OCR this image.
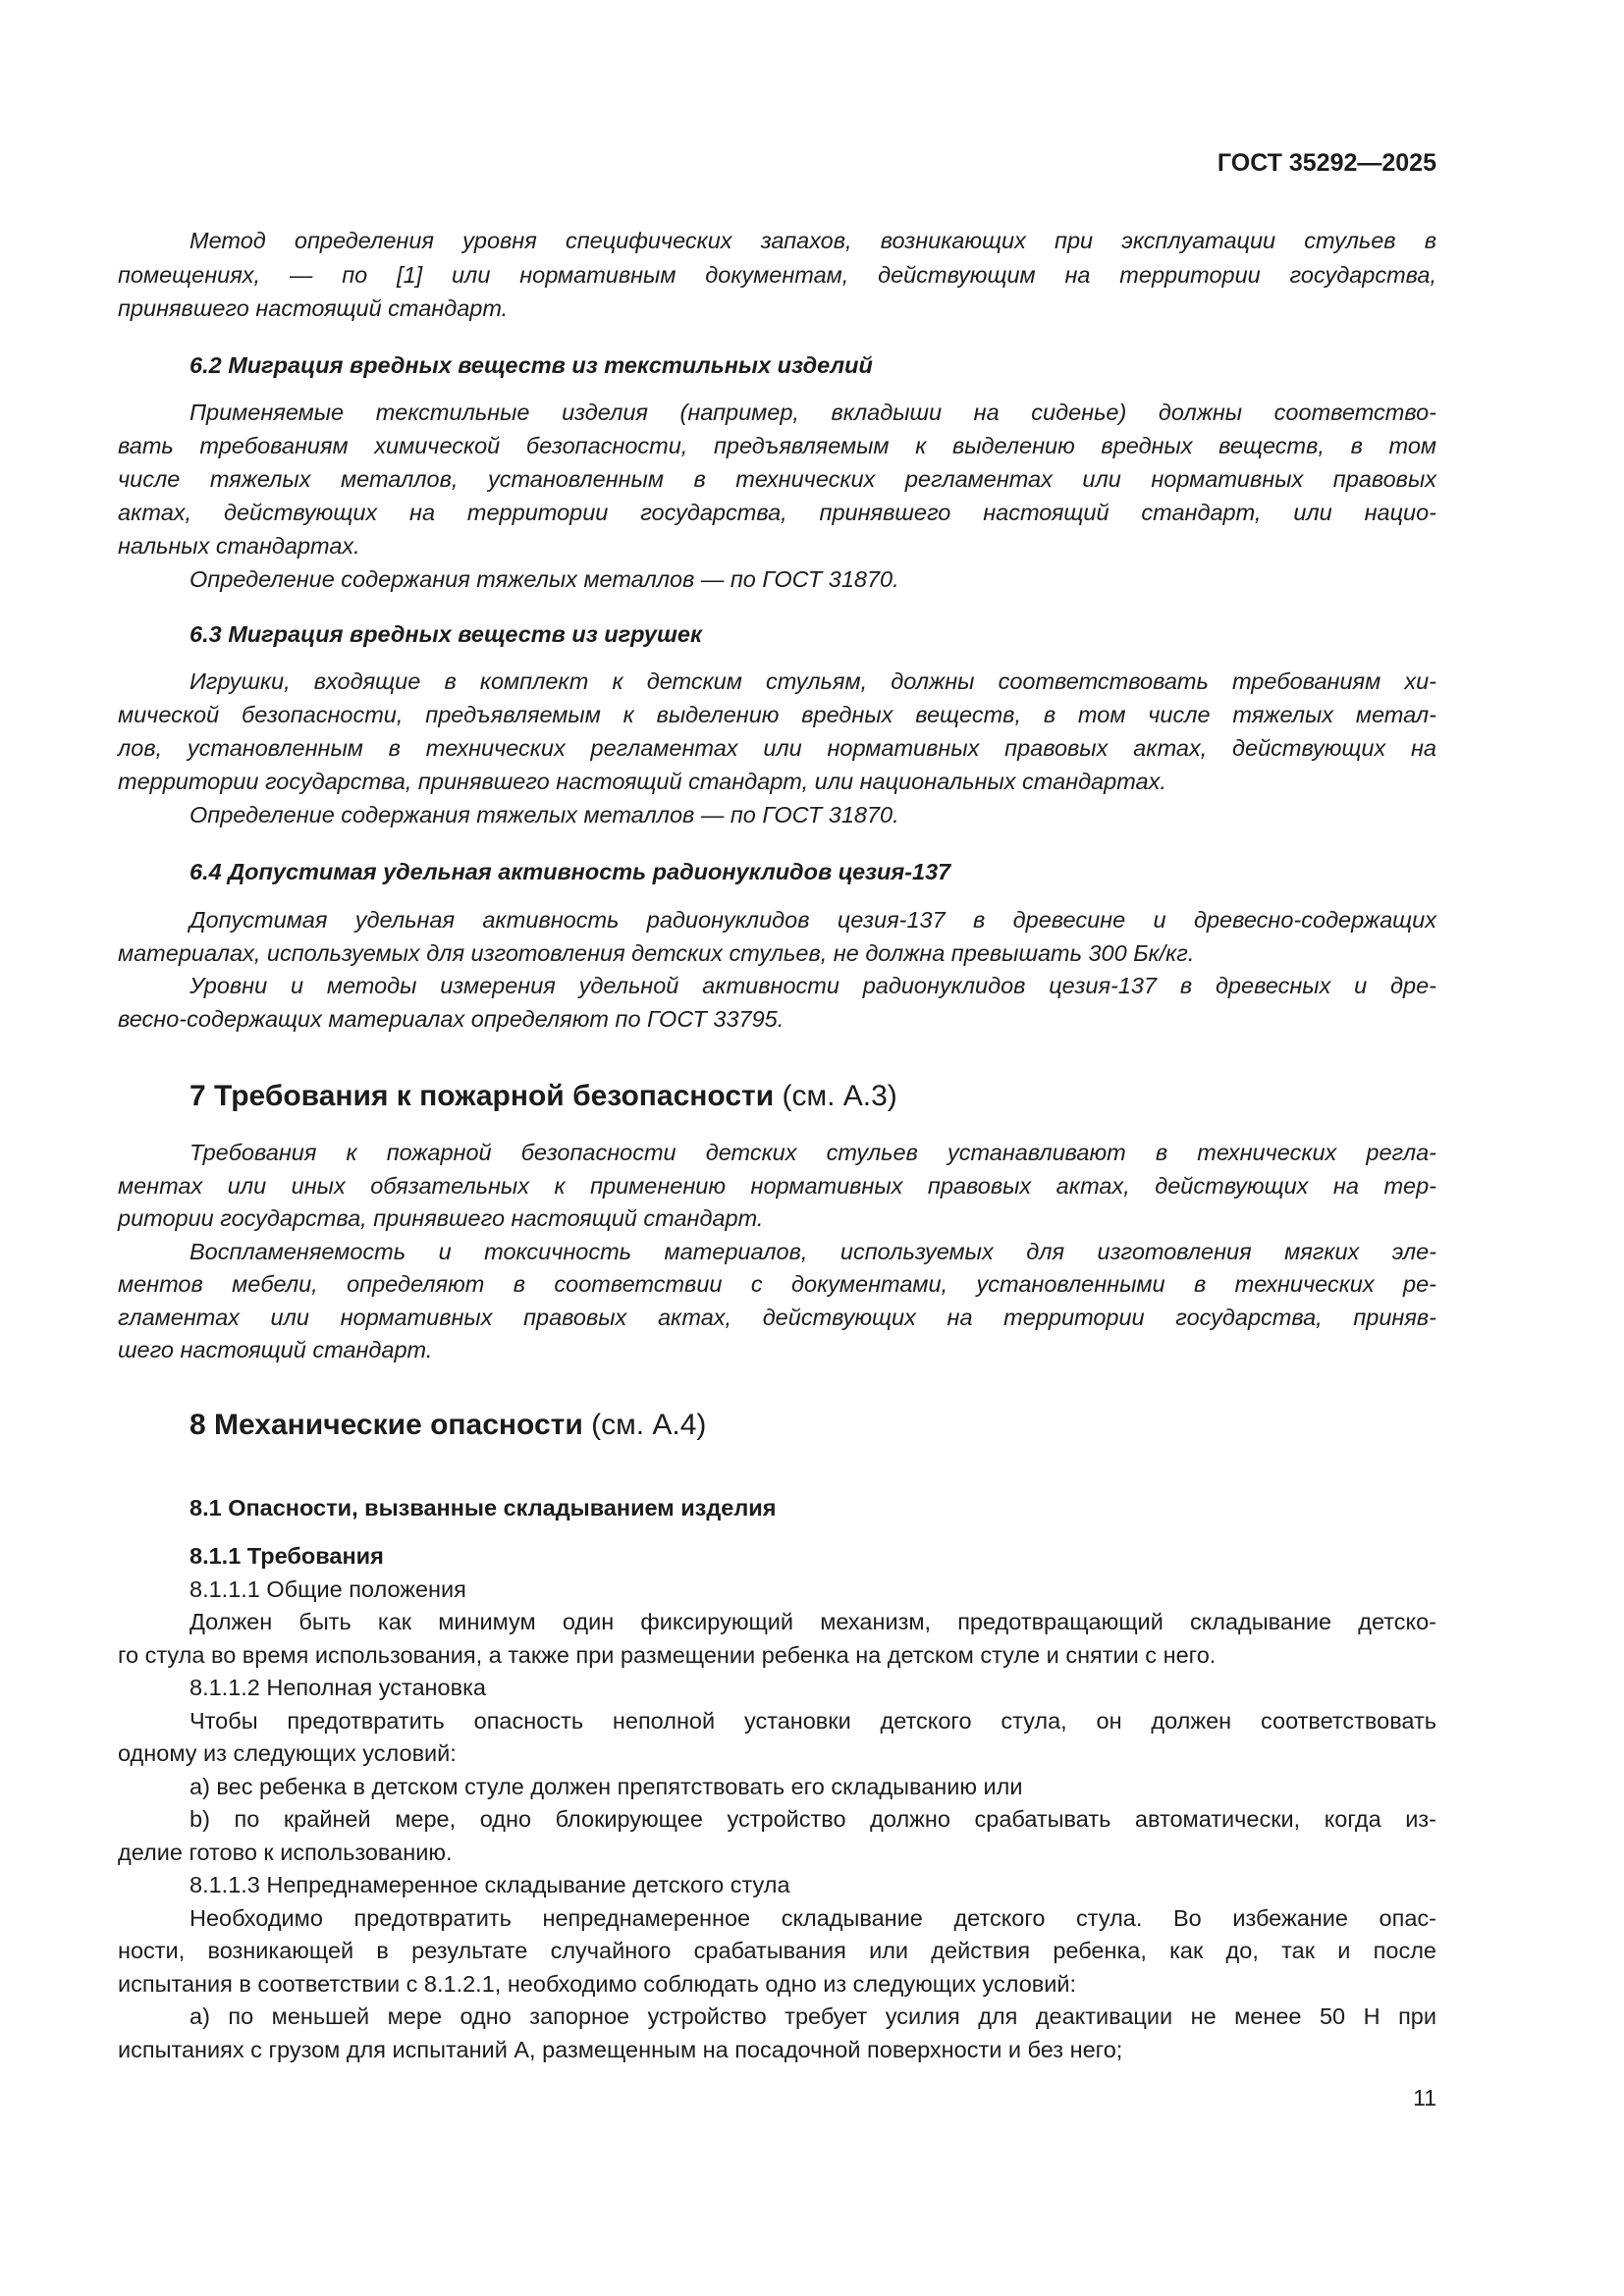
ГОСТ 35292—2025
Метод определения уровня специфических запахов, возникающих при эксплуатации стульев в
помещениях, — по [1] или нормативным документам, действующим на территории государства,
принявшего настоящий стандарт.
6.2 Миграция вредных веществ из текстильных изделий
Применяемые текстильные изделия (например, вкладыши на сиденье) должны соответство-
вать требованиям химической безопасности, предъявляемым к выделению вредных веществ, в том
числе тяжелых металлов, установленным в технических регламентах или нормативных правовых
актах, действующих на территории государства, принявшего настоящий стандарт, или нацио-
нальных стандартах.
Определение содержания тяжелых металлов — по ГОСТ 31870.
6.3 Миграция вредных веществ из игрушек
Игрушки, входящие в комплект к детским стульям, должны соответствовать требованиям хи-
мической безопасности, предъявляемым к выделению вредных веществ, в том числе тяжелых метал-
лов, установленным в технических регламентах или нормативных правовых актах, действующих на
территории государства, принявшего настоящий стандарт, или национальных стандартах.
Определение содержания тяжелых металлов — по ГОСТ 31870.
6.4 Допустимая удельная активность радионуклидов цезия-137
Допустимая удельная активность радионуклидов цезия-137 в древесине и древесно-содержащих
материалах, используемых для изготовления детских стульев, не должна превышать 300 Бк/кг.
Уровни и методы измерения удельной активности радионуклидов цезия-137 в древесных и дре-
весно-содержащих материалах определяют по ГОСТ 33795.
7 Требования к пожарной безопасности (см. А.3)
Требования к пожарной безопасности детских стульев устанавливают в технических регла-
ментах или иных обязательных к применению нормативных правовых актах, действующих на тер-
ритории государства, принявшего настоящий стандарт.
Воспламеняемость и токсичность материалов, используемых для изготовления мягких эле-
ментов мебели, определяют в соответствии с документами, установленными в технических ре-
гламентах или нормативных правовых актах, действующих на территории государства, приняв-
шего настоящий стандарт.
8 Механические опасности (см. А.4)
8.1 Опасности, вызванные складыванием изделия
8.1.1 Требования
8.1.1.1 Общие положения
Должен быть как минимум один фиксирующий механизм, предотвращающий складывание детско-
го стула во время использования, а также при размещении ребенка на детском стуле и снятии с него.
8.1.1.2 Неполная установка
Чтобы предотвратить опасность неполной установки детского стула, он должен соответствовать
одному из следующих условий:
а) вес ребенка в детском стуле должен препятствовать его складыванию или
b) по крайней мере, одно блокирующее устройство должно срабатывать автоматически, когда из-
делие готово к использованию.
8.1.1.3 Непреднамеренное складывание детского стула
Необходимо предотвратить непреднамеренное складывание детского стула. Во избежание опас-
ности, возникающей в результате случайного срабатывания или действия ребенка, как до, так и после
испытания в соответствии с 8.1.2.1, необходимо соблюдать одно из следующих условий:
а) по меньшей мере одно запорное устройство требует усилия для деактивации не менее 50 Н при
испытаниях с грузом для испытаний А, размещенным на посадочной поверхности и без него;
11
